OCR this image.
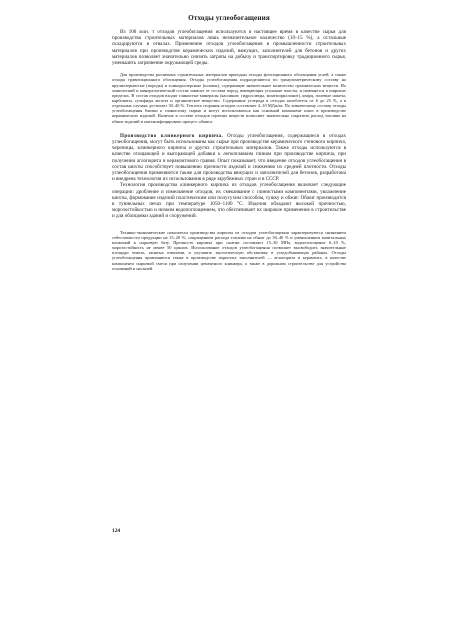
Отходы углеобогащения

Из 100 млн. т отходов углеобогащения используются в настоящее время в качестве сырья для производства строительных материалов лишь незначительное количество (10–15 %), а остальные складируются в отвалах. Применение отходов углеобогащения в промышленности строительных материалов при производстве керамических изделий, вяжущих, заполнителей для бетонов и других материалов позволяет значительно снизить затраты на добычу и транспортировку традиционного сырья, уменьшить загрязнение окружающей среды.

Для производства различных строительных материалов пригодны отходы флотационного обогащения углей, а также отходы гравитационного обогащения. Отходы углеобогащения подразделяются по гранулометрическому составу на крупнозернистые (породы) и тонкодисперсные (шламы), содержащие значительное количество органических веществ. Их химический и минералогический состав зависит от состава пород, вмещающих угольные пласты, и изменяется в широких пределах. В состав отходов входят глинистые минералы (каолинит, гидрослюды, монтмориллонит), кварц, полевые шпаты, карбонаты, сульфиды железа и органическое вещество. Содержание углерода в отходах колеблется от 6 до 25 %, а в отдельных случаях достигает 30–40 %. Теплота сгорания отходов составляет 4–10 МДж/кг. По химическому составу отходы углеобогащения близки к глинистому сырью и могут использоваться как основной компонент шихт в производстве керамических изделий. Наличие в составе отходов горючих веществ позволяет значительно сократить расход топлива на обжиг изделий и интенсифицировать процесс обжига.

Производство клинкерного кирпича. Отходы углеобогащения, содержащиеся в отходах углеобогащения, могут быть использованы как сырье при производстве керамического стенового кирпича, черепицы, клинкерного кирпича и других строительных материалов. Также отходы используются в качестве отощающей и выгорающей добавки к легкоплавким глинам при производстве кирпича, при получении аглопорита и керамзитового гравия. Опыт показывает, что введение отходов углеобогащения в состав шихты способствует повышению прочности изделий и снижению их средней плотности. Отходы углеобогащения применяются также для производства вяжущих и заполнителей для бетонов, разработана и внедрена технология их использования в ряде зарубежных стран и в СССР.

Технология производства клинкерного кирпича из отходов углеобогащения включает следующие операции: дробление и измельчение отходов, их смешивание с глинистыми компонентами, увлажнение шихты, формование изделий пластическим или полусухим способом, сушку и обжиг. Обжиг производится в туннельных печах при температуре 1050–1100 °С. Изделия обладают высокой прочностью, морозостойкостью и низким водопоглощением, что обеспечивает их широкое применение в строительстве и для облицовки зданий и сооружений.

Технико-экономические показатели производства кирпича из отходов углеобогащения характеризуются снижением себестоимости продукции на 15–20 %, сокращением расхода топлива на обжиг до 30–40 % и уменьшением капитальных вложений в сырьевую базу. Прочность кирпича при сжатии составляет 15–30 МПа, водопоглощение 6–10 %, морозостойкость не менее 50 циклов. Использование отходов углеобогащения позволяет высвободить значительные площади земель, занятых отвалами, и улучшить экологическую обстановку в угледобывающих районах. Отходы углеобогащения применяются также в производстве пористых заполнителей — аглопорита и керамзита, в качестве компонента сырьевой смеси при получении цементного клинкера, а также в дорожном строительстве для устройства оснований и насыпей.

124
